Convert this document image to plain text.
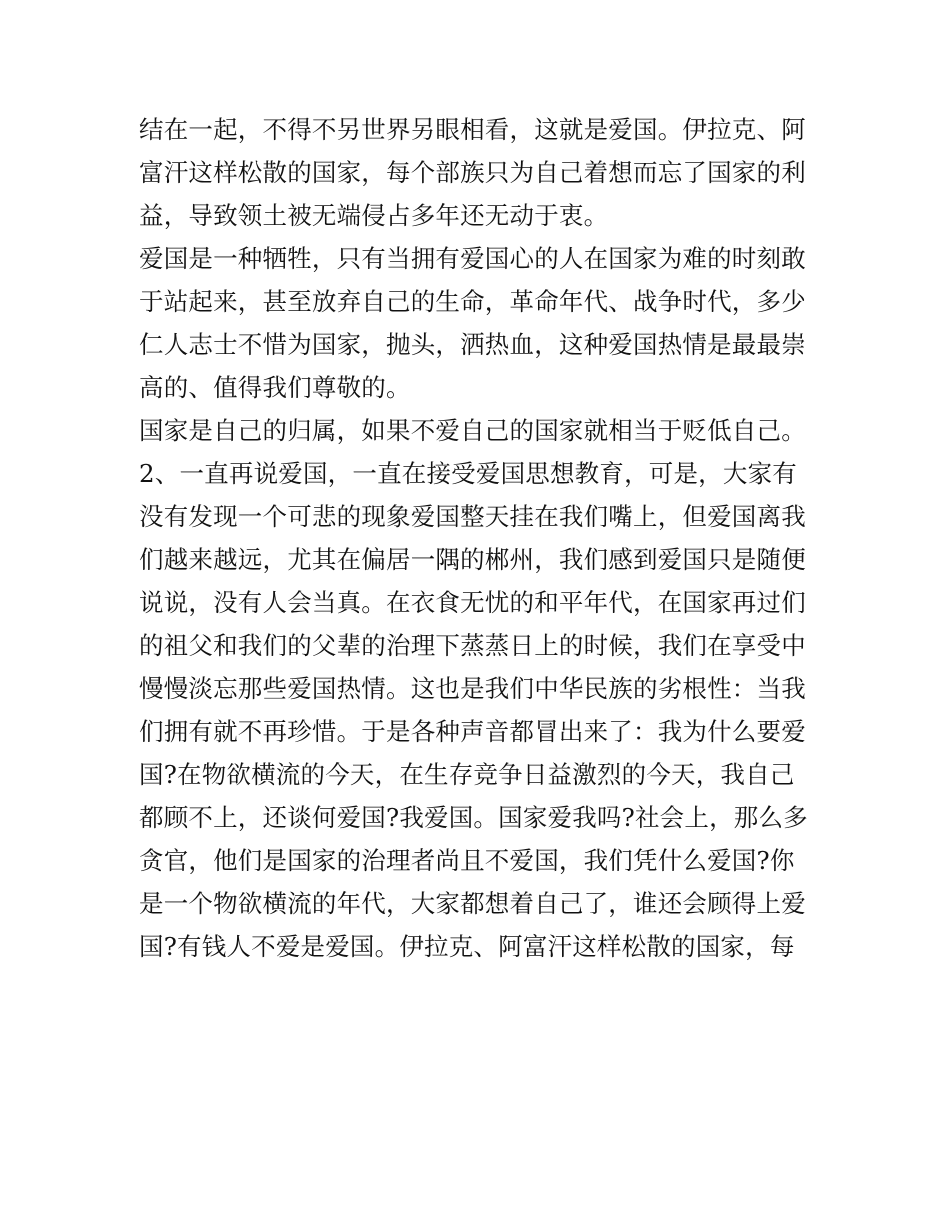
结在一起，不得不另世界另眼相看，这就是爱国。伊拉克、阿
富汗这样松散的国家，每个部族只为自己着想而忘了国家的利
益，导致领土被无端侵占多年还无动于衷。
爱国是一种牺牲，只有当拥有爱国心的人在国家为难的时刻敢
于站起来，甚至放弃自己的生命，革命年代、战争时代，多少
仁人志士不惜为国家，抛头，洒热血，这种爱国热情是最最崇
高的、值得我们尊敬的。
国家是自己的归属，如果不爱自己的国家就相当于贬低自己。
2、一直再说爱国，一直在接受爱国思想教育，可是，大家有
没有发现一个可悲的现象爱国整天挂在我们嘴上，但爱国离我
们越来越远，尤其在偏居一隅的郴州，我们感到爱国只是随便
说说，没有人会当真。在衣食无忧的和平年代，在国家再过们
的祖父和我们的父辈的治理下蒸蒸日上的时候，我们在享受中
慢慢淡忘那些爱国热情。这也是我们中华民族的劣根性：当我
们拥有就不再珍惜。于是各种声音都冒出来了：我为什么要爱
国?在物欲横流的今天，在生存竞争日益激烈的今天，我自己
都顾不上，还谈何爱国?我爱国。国家爱我吗?社会上，那么多
贪官，他们是国家的治理者尚且不爱国，我们凭什么爱国?你
是一个物欲横流的年代，大家都想着自己了，谁还会顾得上爱
国?有钱人不爱是爱国。伊拉克、阿富汗这样松散的国家，每
